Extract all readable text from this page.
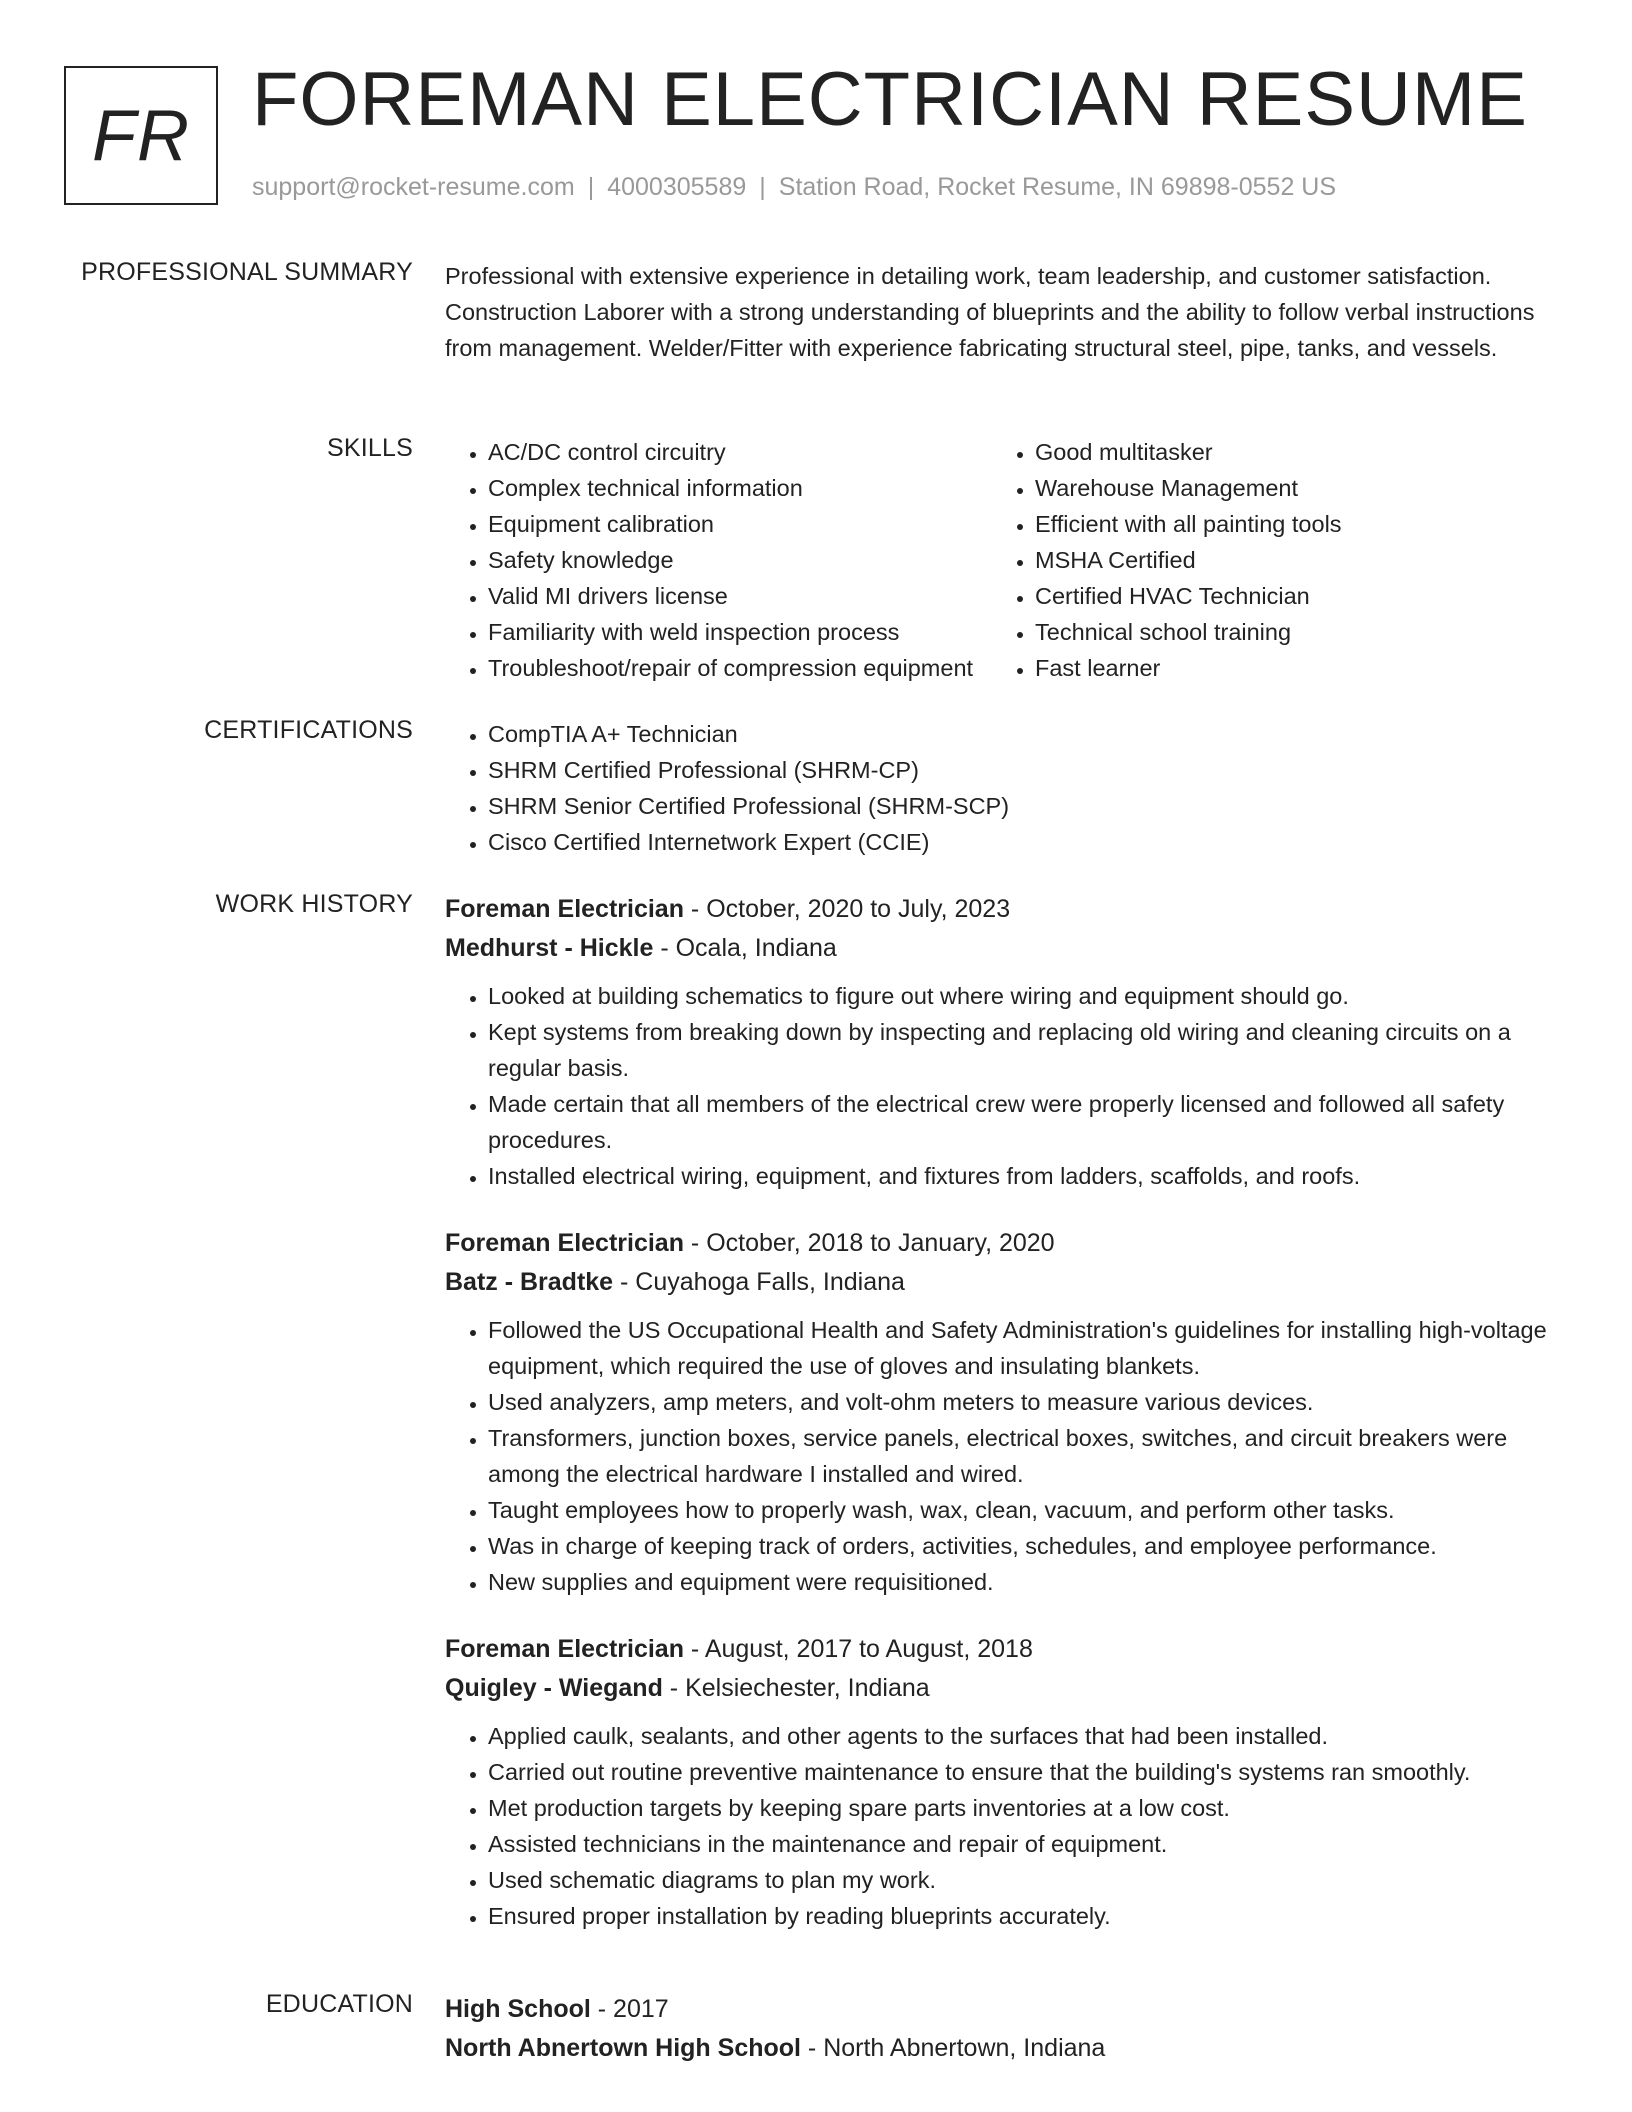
FR FOREMAN ELECTRICIAN RESUME
support@rocket-resume.com | 4000305589 | Station Road, Rocket Resume, IN 69898-0552 US
PROFESSIONAL SUMMARY Professional with extensive experience in detailing work, team leadership, and customer satisfaction. Construction Laborer with a strong understanding of blueprints and the ability to follow verbal instructions from management. Welder/Fitter with experience fabricating structural steel, pipe, tanks, and vessels.

SKILLS	• AC/DC control circuitry
• Complex technical information
• Equipment calibration
• Safety knowledge
• Valid MI drivers license
• Familiarity with weld inspection process
• Troubleshoot/repair of compression equipment
• Good multitasker
• Warehouse Management
• Efficient with all painting tools
• MSHA Certified
• Certified HVAC Technician
• Technical school training
• Fast learner
CERTIFICATIONS	• CompTIA A+ Technician
• SHRM Certified Professional (SHRM-CP)
• SHRM Senior Certified Professional (SHRM-SCP)
• Cisco Certified Internetwork Expert (CCIE)
WORK HISTORY Foreman Electrician - October, 2020 to July, 2023
Medhurst - Hickle - Ocala, Indiana
• Looked at building schematics to figure out where wiring and equipment should go.
• Kept systems from breaking down by inspecting and replacing old wiring and cleaning circuits on a regular basis.
• Made certain that all members of the electrical crew were properly licensed and followed all safety procedures.
• Installed electrical wiring, equipment, and fixtures from ladders, scaffolds, and roofs.
Foreman Electrician - October, 2018 to January, 2020
Batz - Bradtke - Cuyahoga Falls, Indiana
• Followed the US Occupational Health and Safety Administration's guidelines for installing high-voltage equipment, which required the use of gloves and insulating blankets.
• Used analyzers, amp meters, and volt-ohm meters to measure various devices.
• Transformers, junction boxes, service panels, electrical boxes, switches, and circuit breakers were among the electrical hardware I installed and wired.
• Taught employees how to properly wash, wax, clean, vacuum, and perform other tasks.
• Was in charge of keeping track of orders, activities, schedules, and employee performance.
• New supplies and equipment were requisitioned.
Foreman Electrician - August, 2017 to August, 2018
Quigley - Wiegand - Kelsiechester, Indiana
• Applied caulk, sealants, and other agents to the surfaces that had been installed.
• Carried out routine preventive maintenance to ensure that the building's systems ran smoothly.
• Met production targets by keeping spare parts inventories at a low cost.
• Assisted technicians in the maintenance and repair of equipment.
• Used schematic diagrams to plan my work.
• Ensured proper installation by reading blueprints accurately.
EDUCATION High School - 2017
North Abnertown High School - North Abnertown, Indiana
